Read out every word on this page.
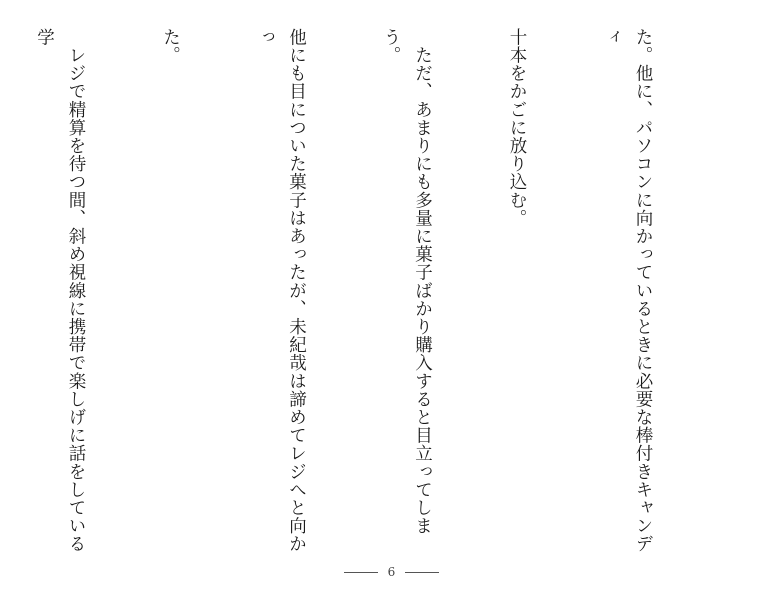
た。他に、パソコンに向かっているときに必要な棒付きキャンディ

十本をかごに放り込む。

　ただ、あまりにも多量に菓子ばかり購入すると目立ってしまう。

他にも目についた菓子はあったが、未紀哉は諦めてレジへと向かっ

た。

　レジで精算を待つ間、斜め視線に携帯で楽しげに話をしている学

6
